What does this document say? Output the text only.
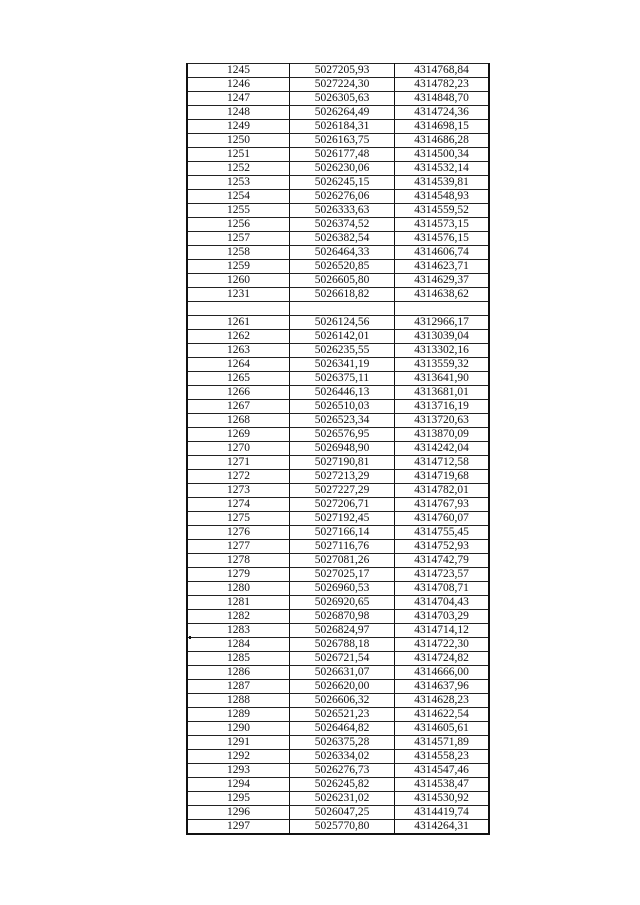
1245	5027205,93	4314768,84
1246	5027224,30	4314782,23
1247	5026305,63	4314848,70
1248	5026264,49	4314724,36
1249	5026184,31	4314698,15
1250	5026163,75	4314686,28
1251	5026177,48	4314500,34
1252	5026230,06	4314532,14
1253	5026245,15	4314539,81
1254	5026276,06	4314548,93
1255	5026333,63	4314559,52
1256	5026374,52	4314573,15
1257	5026382,54	4314576,15
1258	5026464,33	4314606,74
1259	5026520,85	4314623,71
1260	5026605,80	4314629,37
1231	5026618,82	4314638,62

1261	5026124,56	4312966,17
1262	5026142,01	4313039,04
1263	5026235,55	4313302,16
1264	5026341,19	4313559,32
1265	5026375,11	4313641,90
1266	5026446,13	4313681,01
1267	5026510,03	4313716,19
1268	5026523,34	4313720,63
1269	5026576,95	4313870,09
1270	5026948,90	4314242,04
1271	5027190,81	4314712,58
1272	5027213,29	4314719,68
1273	5027227,29	4314782,01
1274	5027206,71	4314767,93
1275	5027192,45	4314760,07
1276	5027166,14	4314755,45
1277	5027116,76	4314752,93
1278	5027081,26	4314742,79
1279	5027025,17	4314723,57
1280	5026960,53	4314708,71
1281	5026920,65	4314704,43
1282	5026870,98	4314703,29
1283	5026824,97	4314714,12
1284	5026788,18	4314722,30
1285	5026721,54	4314724,82
1286	5026631,07	4314666,00
1287	5026620,00	4314637,96
1288	5026606,32	4314628,23
1289	5026521,23	4314622,54
1290	5026464,82	4314605,61
1291	5026375,28	4314571,89
1292	5026334,02	4314558,23
1293	5026276,73	4314547,46
1294	5026245,82	4314538,47
1295	5026231,02	4314530,92
1296	5026047,25	4314419,74
1297	5025770,80	4314264,31
